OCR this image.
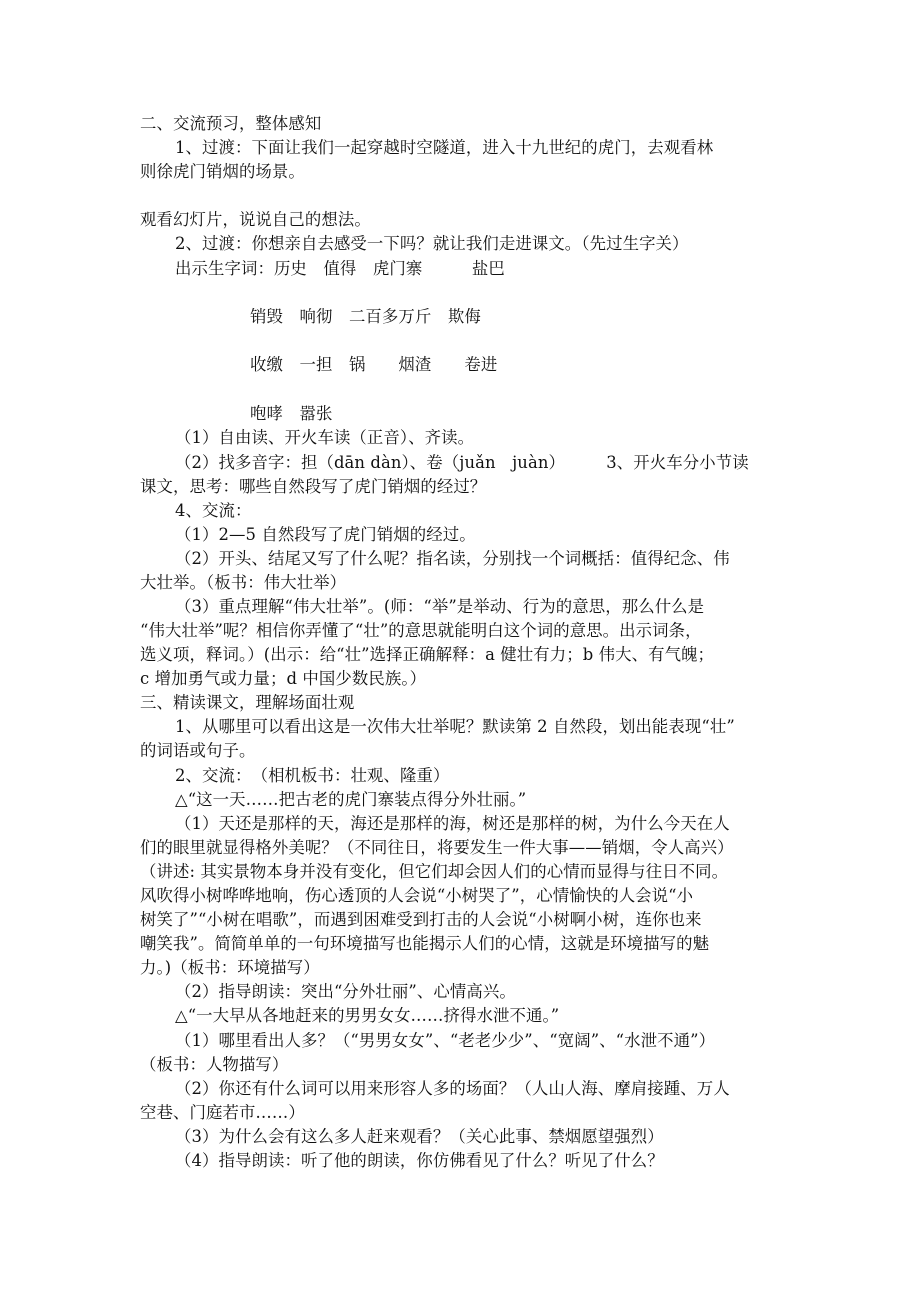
二、交流预习，整体感知
1、过渡：下面让我们一起穿越时空隧道，进入十九世纪的虎门，去观看林
则徐虎门销烟的场景。
观看幻灯片，说说自己的想法。
2、过渡：你想亲自去感受一下吗？就让我们走进课文。（先过生字关）
出示生字词：历史　值得　虎门寨　　　盐巴
销毁　响彻　二百多万斤　欺侮
收缴　一担　锅　　烟渣　　卷进
咆哮　嚣张
（1）自由读、开火车读（正音）、齐读。
（2）找多音字：担（dān dàn）、卷（juǎn　juàn）　　　3、开火车分小节读
课文，思考：哪些自然段写了虎门销烟的经过？
4、交流：
（1）2—5 自然段写了虎门销烟的经过。
（2）开头、结尾又写了什么呢？指名读，分别找一个词概括：值得纪念、伟
大壮举。（板书：伟大壮举）
（3）重点理解“伟大壮举”。(师：“举”是举动、行为的意思，那么什么是
“伟大壮举”呢？相信你弄懂了“壮”的意思就能明白这个词的意思。出示词条，
选义项，释词。）(出示：给“壮”选择正确解释：a 健壮有力；b 伟大、有气魄；
c 增加勇气或力量；d 中国少数民族。）
三、精读课文，理解场面壮观
1、从哪里可以看出这是一次伟大壮举呢？默读第 2 自然段，划出能表现“壮”
的词语或句子。
2、交流：　（相机板书：壮观、隆重）
△“这一天……把古老的虎门寨装点得分外壮丽。”
（1）天还是那样的天，海还是那样的海，树还是那样的树，为什么今天在人
们的眼里就显得格外美呢？（不同往日，将要发生一件大事——销烟，令人高兴）
（讲述: 其实景物本身并没有变化，但它们却会因人们的心情而显得与往日不同。
风吹得小树哗哗地响，伤心透顶的人会说“小树哭了”，心情愉快的人会说“小
树笑了”“小树在唱歌”，而遇到困难受到打击的人会说“小树啊小树，连你也来
嘲笑我”。简简单单的一句环境描写也能揭示人们的心情，这就是环境描写的魅
力。)（板书：环境描写）
（2）指导朗读：突出“分外壮丽”、心情高兴。
△“一大早从各地赶来的男男女女……挤得水泄不通。”
（1）哪里看出人多？（“男男女女”、“老老少少”、“宽阔”、“水泄不通”）
（板书：人物描写）
（2）你还有什么词可以用来形容人多的场面？（人山人海、摩肩接踵、万人
空巷、门庭若市……）
（3）为什么会有这么多人赶来观看？（关心此事、禁烟愿望强烈）
（4）指导朗读：听了他的朗读，你仿佛看见了什么？听见了什么？
